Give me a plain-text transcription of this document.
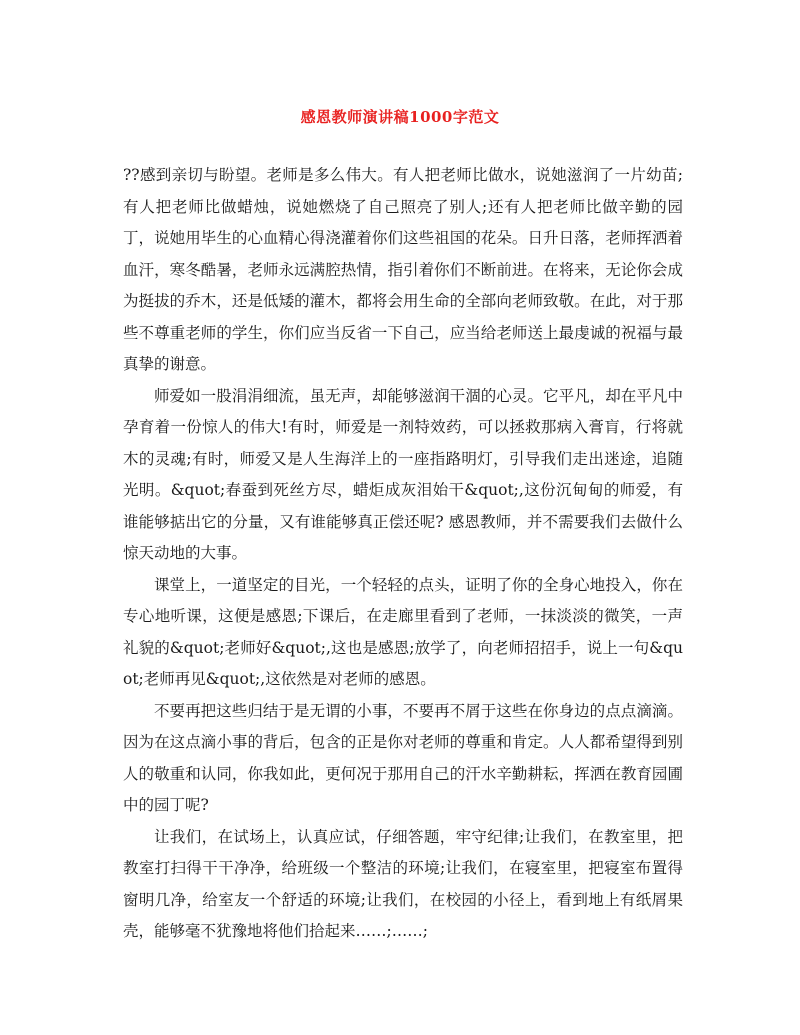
感恩教师演讲稿1000字范文

??感到亲切与盼望。老师是多么伟大。有人把老师比做水，说她滋润了一片幼苗;有人把老师比做蜡烛，说她燃烧了自己照亮了别人;还有人把老师比做辛勤的园丁，说她用毕生的心血精心得浇灌着你们这些祖国的花朵。日升日落，老师挥洒着血汗，寒冬酷暑，老师永远满腔热情，指引着你们不断前进。在将来，无论你会成为挺拔的乔木，还是低矮的灌木，都将会用生命的全部向老师致敬。在此，对于那些不尊重老师的学生，你们应当反省一下自己，应当给老师送上最虔诚的祝福与最真挚的谢意。

师爱如一股涓涓细流，虽无声，却能够滋润干涸的心灵。它平凡，却在平凡中孕育着一份惊人的伟大!有时，师爱是一剂特效药，可以拯救那病入膏肓，行将就木的灵魂;有时，师爱又是人生海洋上的一座指路明灯，引导我们走出迷途，追随光明。&quot;春蚕到死丝方尽，蜡炬成灰泪始干&quot;,这份沉甸甸的师爱，有谁能够掂出它的分量，又有谁能够真正偿还呢? 感恩教师，并不需要我们去做什么惊天动地的大事。

课堂上，一道坚定的目光，一个轻轻的点头，证明了你的全身心地投入，你在专心地听课，这便是感恩;下课后，在走廊里看到了老师，一抹淡淡的微笑，一声礼貌的&quot;老师好&quot;,这也是感恩;放学了，向老师招招手，说上一句&quot;老师再见&quot;,这依然是对老师的感恩。

不要再把这些归结于是无谓的小事，不要再不屑于这些在你身边的点点滴滴。因为在这点滴小事的背后，包含的正是你对老师的尊重和肯定。人人都希望得到别人的敬重和认同，你我如此，更何况于那用自己的汗水辛勤耕耘，挥洒在教育园圃中的园丁呢?

让我们，在试场上，认真应试，仔细答题，牢守纪律;让我们，在教室里，把教室打扫得干干净净，给班级一个整洁的环境;让我们，在寝室里，把寝室布置得窗明几净，给室友一个舒适的环境;让我们，在校园的小径上，看到地上有纸屑果壳，能够毫不犹豫地将他们拾起来……;……;
